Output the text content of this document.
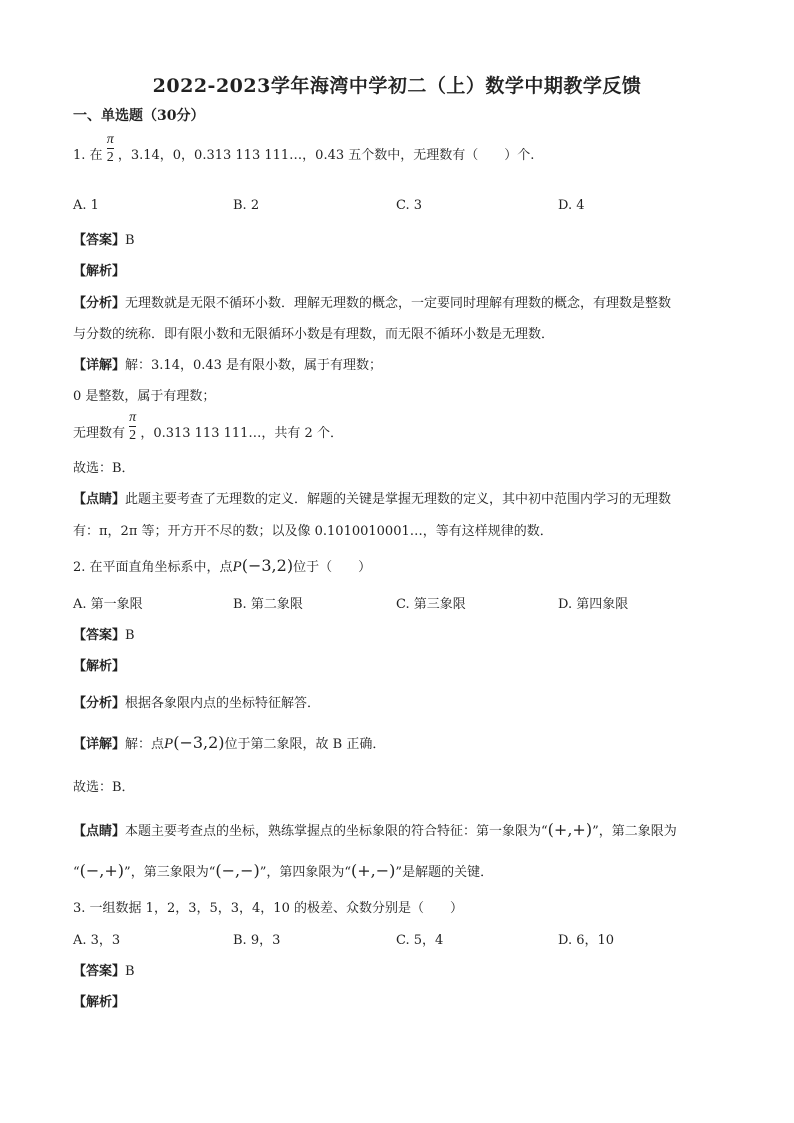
2022-2023学年海湾中学初二（上）数学中期教学反馈
一、单选题（30分）
1. 在 $\frac{\pi}{2}$ ，3.14，0，0.313 113 111…，0.43 五个数中，无理数有（　　）个.
A. 1	B. 2	C. 3	D. 4
【答案】B
【解析】
【分析】无理数就是无限不循环小数．理解无理数的概念，一定要同时理解有理数的概念，有理数是整数
与分数的统称．即有限小数和无限循环小数是有理数，而无限不循环小数是无理数．
【详解】解：3.14，0.43 是有限小数，属于有理数；
0 是整数，属于有理数；
无理数有 $\frac{\pi}{2}$ ，0.313 113 111…，共有 2 个．
故选：B．
【点睛】此题主要考查了无理数的定义．解题的关键是掌握无理数的定义，其中初中范围内学习的无理数
有：π，2π 等；开方开不尽的数；以及像 0.1010010001…，等有这样规律的数．
2. 在平面直角坐标系中，点P(−3,2)位于（　　）
A. 第一象限	B. 第二象限	C. 第三象限	D. 第四象限
【答案】B
【解析】
【分析】根据各象限内点的坐标特征解答．
【详解】解：点P(−3,2)位于第二象限，故 B 正确．
故选：B．
【点睛】本题主要考查点的坐标，熟练掌握点的坐标象限的符合特征：第一象限为“(+,+)”，第二象限为
“(−,+)”，第三象限为“(−,−)”，第四象限为“(+,−)”是解题的关键．
3. 一组数据 1，2，3，5，3，4，10 的极差、众数分别是（　　）
A. 3，3	B. 9，3	C. 5，4	D. 6，10
【答案】B
【解析】
